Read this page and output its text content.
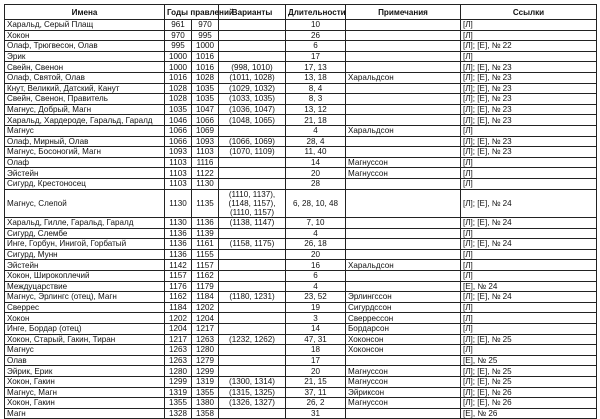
Имена	Годы правлений		Варианты	Длительности	Примечания	Ссылки
Харальд, Серый Плащ	961	970		10		[Л]
Хокон	970	995		26		[Л]
Олаф, Трюгвесон, Олав	995	1000		6		[Л]; [Е], № 22
Эрик	1000	1016		17		[Л]
Свейн, Свенон	1000	1016	(998, 1010)	17, 13		[Л]; [Е], № 23
Олаф, Святой, Олав	1016	1028	(1011, 1028)	13, 18	Харальдсон	[Л]; [Е], № 23
Кнут, Великий, Датский, Канут	1028	1035	(1029, 1032)	8, 4		[Л]; [Е], № 23
Свейн, Свенон, Правитель	1028	1035	(1033, 1035)	8, 3		[Л]; [Е], № 23
Магнус, Добрый, Магн	1035	1047	(1036, 1047)	13, 12		[Л]; [Е], № 23
Харальд, Хардероде, Гаральд, Гаралд	1046	1066	(1048, 1065)	21, 18		[Л]; [Е], № 23
Магнус	1066	1069		4	Харальдсон	[Л]
Олаф, Мирный, Олав	1066	1093	(1066, 1069)	28, 4		[Л]; [Е], № 23
Магнус, Босоногий, Магн	1093	1103	(1070, 1109)	11, 40		[Л]; [Е], № 23
Олаф	1103	1116		14	Магнуссон	[Л]
Эйстейн	1103	1122		20	Магнуссон	[Л]
Сигурд, Крестоносец	1103	1130		28		[Л]
Магнус, Слепой	1130	1135	(1110, 1137),
(1148, 1157),
(1110, 1157)	6, 28, 10, 48		[Л]; [Е], № 24
Харальд, Гилле, Гаральд, Гаралд	1130	1136	(1138, 1147)	7, 10		[Л]; [Е], № 24
Сигурд, Слембе	1136	1139		4		[Л]
Инге, Горбун, Инигой, Горбатый	1136	1161	(1158, 1175)	26, 18		[Л]; [Е], № 24
Сигурд, Мунн	1136	1155		20		[Л]
Эйстейн	1142	1157		16	Харальдсон	[Л]
Хокон, Широкоплечий	1157	1162		6		[Л]
Междуцарствие	1176	1179		4		[Е], № 24
Магнус, Эрлингс (отец), Магн	1162	1184	(1180, 1231)	23, 52	Эрлингссон	[Л]; [Е], № 24
Сверрес	1184	1202		19	Сигурдссон	[Л]
Хокон	1202	1204		3	Сверрессон	[Л]
Инге, Бордар (отец)	1204	1217		14	Бордарсон	[Л]
Хокон, Старый, Гакин, Тиран	1217	1263	(1232, 1262)	47, 31	Хоконсон	[Л]; [Е], № 25
Магнус	1263	1280		18	Хоконсон	[Л]
Олав	1263	1279		17		[Е], № 25
Эйрик, Ерик	1280	1299		20	Магнуссон	[Л]; [Е], № 25
Хокон, Гакин	1299	1319	(1300, 1314)	21, 15	Магнуссон	[Л]; [Е], № 25
Магнус, Магн	1319	1355	(1315, 1325)	37, 11	Эйриксон	[Л]; [Е], № 26
Хокон, Гакин	1355	1380	(1326, 1327)	26, 2	Магнуссон	[Л]; [Е], № 26
Магн	1328	1358		31		[Е], № 26
